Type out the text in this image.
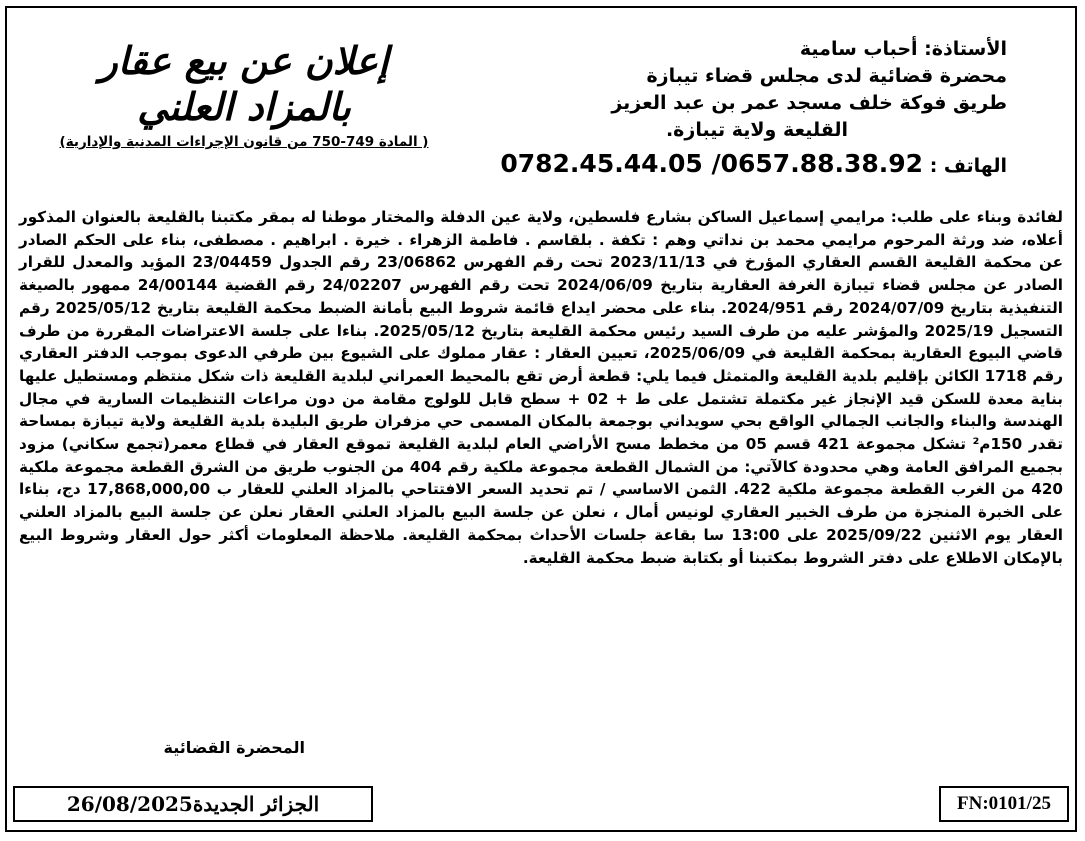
الأستاذة: أحباب سامية
محضرة قضائية لدى مجلس قضاء تيبازة
طريق فوكة خلف مسجد عمر بن عبد العزيز
القليعة ولاية تيبازة.
الهاتف : 0782.45.44.05 /0657.88.38.92
إعلان عن بيع عقار
بالمزاد العلني
( المادة 749-750 من قانون الإجراءات المدنية والإدارية)
لفائدة وبناء على طلب: مرايمي إسماعيل الساكن بشارع فلسطين، ولاية عين الدفلة والمختار موطنا له بمقر مكتبنا بالقليعة بالعنوان المذكور أعلاه، ضد ورثة المرحوم مرايمي محمد بن نداتي وهم : تكفة . بلقاسم . فاطمة الزهراء . خيرة . ابراهيم . مصطفى، بناء على الحكم الصادر عن محكمة القليعة القسم العقاري المؤرخ في 2023/11/13 تحت رقم الفهرس 23/06862 رقم الجدول 23/04459 المؤيد والمعدل للقرار الصادر عن مجلس قضاء تيبازة الغرفة العقارية بتاريخ 2024/06/09 تحت رقم الفهرس 24/02207 رقم القضية 24/00144 ممهور بالصيغة التنفيذية بتاريخ 2024/07/09 رقم 2024/951. بناء على محضر ايداع قائمة شروط البيع بأمانة الضبط محكمة القليعة بتاريخ 2025/05/12 رقم التسجيل 2025/19 والمؤشر عليه من طرف السيد رئيس محكمة القليعة بتاريخ 2025/05/12. بناءا على جلسة الاعتراضات المقررة من طرف قاضي البيوع العقارية بمحكمة القليعة في 2025/06/09، تعيين العقار : عقار مملوك على الشيوع بين طرفي الدعوى بموجب الدفتر العقاري رقم 1718 الكائن بإقليم بلدية القليعة والمتمثل فيما يلي: قطعة أرض تقع بالمحيط العمراني لبلدية القليعة ذات شكل منتظم ومستطيل عليها بناية معدة للسكن قيد الإنجاز غير مكتملة تشتمل على ط + 02 + سطح قابل للولوج مقامة من دون مراعات التنظيمات السارية في مجال الهندسة والبناء والجانب الجمالي الواقع بحي سويداني بوجمعة بالمكان المسمى حي مزفران طريق البليدة بلدية القليعة ولاية تيبازة بمساحة تقدر 150م² تشكل مجموعة 421 قسم 05 من مخطط مسح الأراضي العام لبلدية القليعة تموقع العقار في قطاع معمر(تجمع سكاني) مزود بجميع المرافق العامة وهي محدودة كالآتي: من الشمال القطعة مجموعة ملكية رقم 404 من الجنوب طريق من الشرق القطعة مجموعة ملكية 420 من الغرب القطعة مجموعة ملكية 422. الثمن الاساسي / تم تحديد السعر الافتتاحي بالمزاد العلني للعقار ب 17,868,000,00 دج، بناءا على الخبرة المنجزة من طرف الخبير العقاري لونيس أمال ، نعلن عن جلسة البيع بالمزاد العلني العقار نعلن عن جلسة البيع بالمزاد العلني العقار يوم الاثنين 2025/09/22 على 13:00 سا بقاعة جلسات الأحداث بمحكمة القليعة. ملاحظة المعلومات أكثر حول العقار وشروط البيع بالإمكان الاطلاع على دفتر الشروط بمكتبنا أو بكتابة ضبط محكمة القليعة.
المحضرة القضائية
الجزائر الجديدة26/08/2025	FN:0101/25
